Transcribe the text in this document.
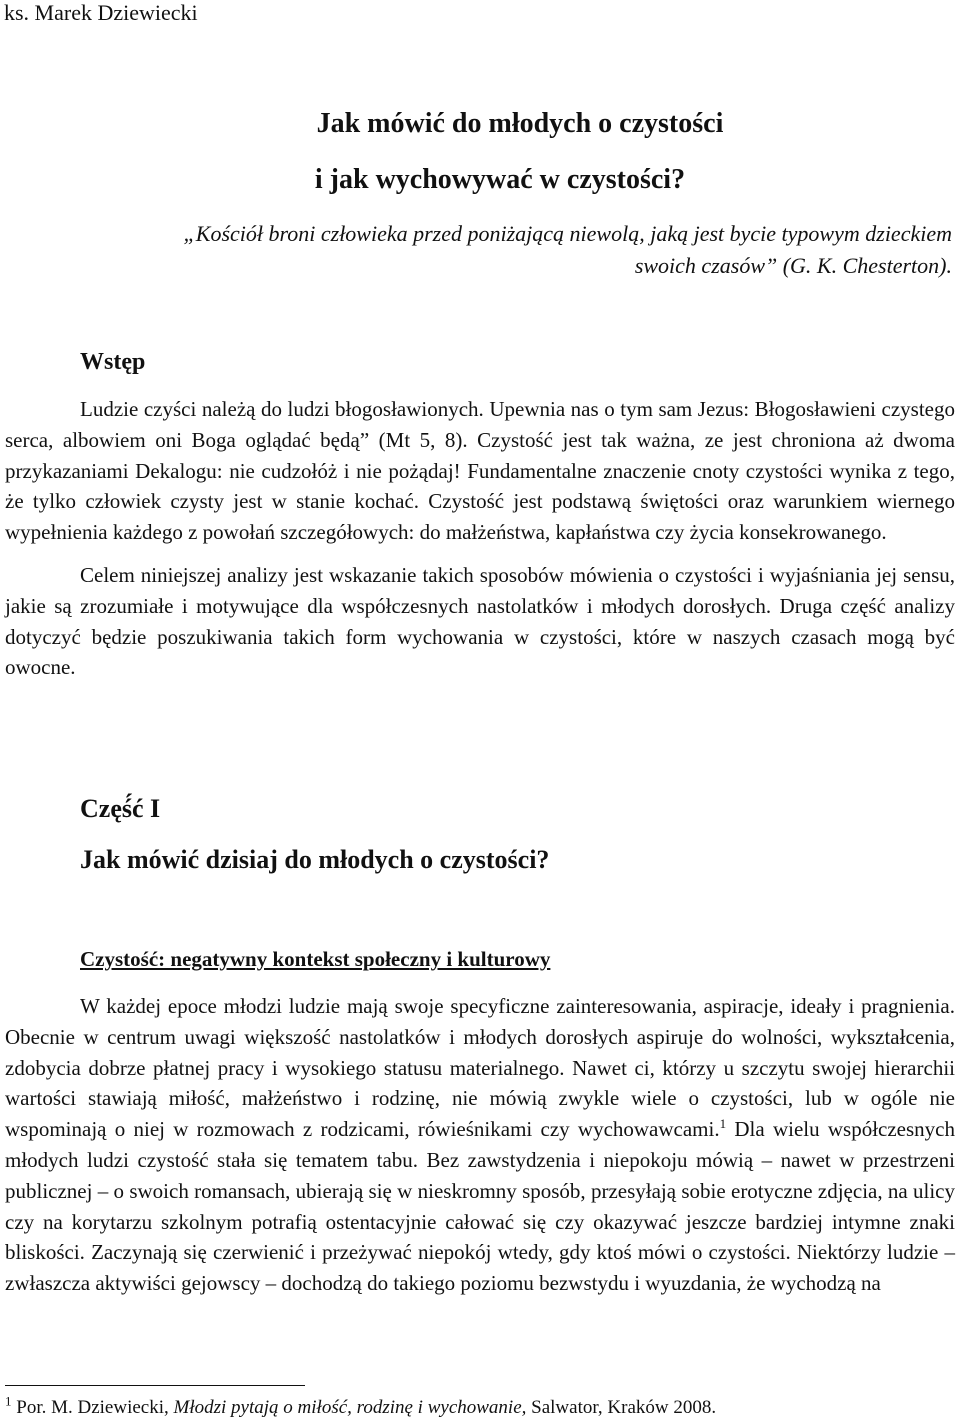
ks. Marek Dziewiecki
Jak mówić do młodych o czystości
i jak wychowywać w czystości?
„Kościół broni człowieka przed poniżającą niewolą, jaką jest bycie typowym dzieckiem
swoich czasów” (G. K. Chesterton).
Wstęp

Ludzie czyści należą do ludzi błogosławionych. Upewnia nas o tym sam Jezus: Błogosławieni czystego serca, albowiem oni Boga oglądać będą” (Mt 5, 8). Czystość jest tak ważna, ze jest chroniona aż dwoma przykazaniami Dekalogu: nie cudzołóż i nie pożądaj! Fundamentalne znaczenie cnoty czystości wynika z tego, że tylko człowiek czysty jest w stanie kochać. Czystość jest podstawą świętości oraz warunkiem wiernego wypełnienia każdego z powołań szczegółowych: do małżeństwa, kapłaństwa czy życia konsekrowanego.

Celem niniejszej analizy jest wskazanie takich sposobów mówienia o czystości i wyjaśniania jej sensu, jakie są zrozumiałe i motywujące dla współczesnych nastolatków i młodych dorosłych. Druga część analizy dotyczyć będzie poszukiwania takich form wychowania w czystości, które w naszych czasach mogą być owocne.

Częś́ć I
Jak mówić dzisiaj do młodych o czystości?
Czystość: negatywny kontekst społeczny i kulturowy

W każdej epoce młodzi ludzie mają swoje specyficzne zainteresowania, aspiracje, ideały i pragnienia. Obecnie w centrum uwagi większość nastolatków i młodych dorosłych aspiruje do wolności, wykształcenia, zdobycia dobrze płatnej pracy i wysokiego statusu materialnego. Nawet ci, którzy u szczytu swojej hierarchii wartości stawiają miłość, małżeństwo i rodzinę, nie mówią zwykle wiele o czystości, lub w ogóle nie wspominają o niej w rozmowach z rodzicami, rówieśnikami czy wychowawcami.$^1$ Dla wielu współczesnych młodych ludzi czystość stała się tematem tabu. Bez zawstydzenia i niepokoju mówią – nawet w przestrzeni publicznej – o swoich romansach, ubierają się w nieskromny sposób, przesyłają sobie erotyczne zdjęcia, na ulicy czy na korytarzu szkolnym potrafią ostentacyjnie całować się czy okazywać jeszcze bardziej intymne znaki bliskości. Zaczynają się czerwienić i przeżywać niepokój wtedy, gdy ktoś mówi o czystości. Niektórzy ludzie – zwłaszcza aktywiści gejowscy – dochodzą do takiego poziomu bezwstydu i wyuzdania, że wychodzą na

$^1$ Por. M. Dziewiecki, Młodzi pytają o miłość, rodzinę i wychowanie, Salwator, Kraków 2008.
